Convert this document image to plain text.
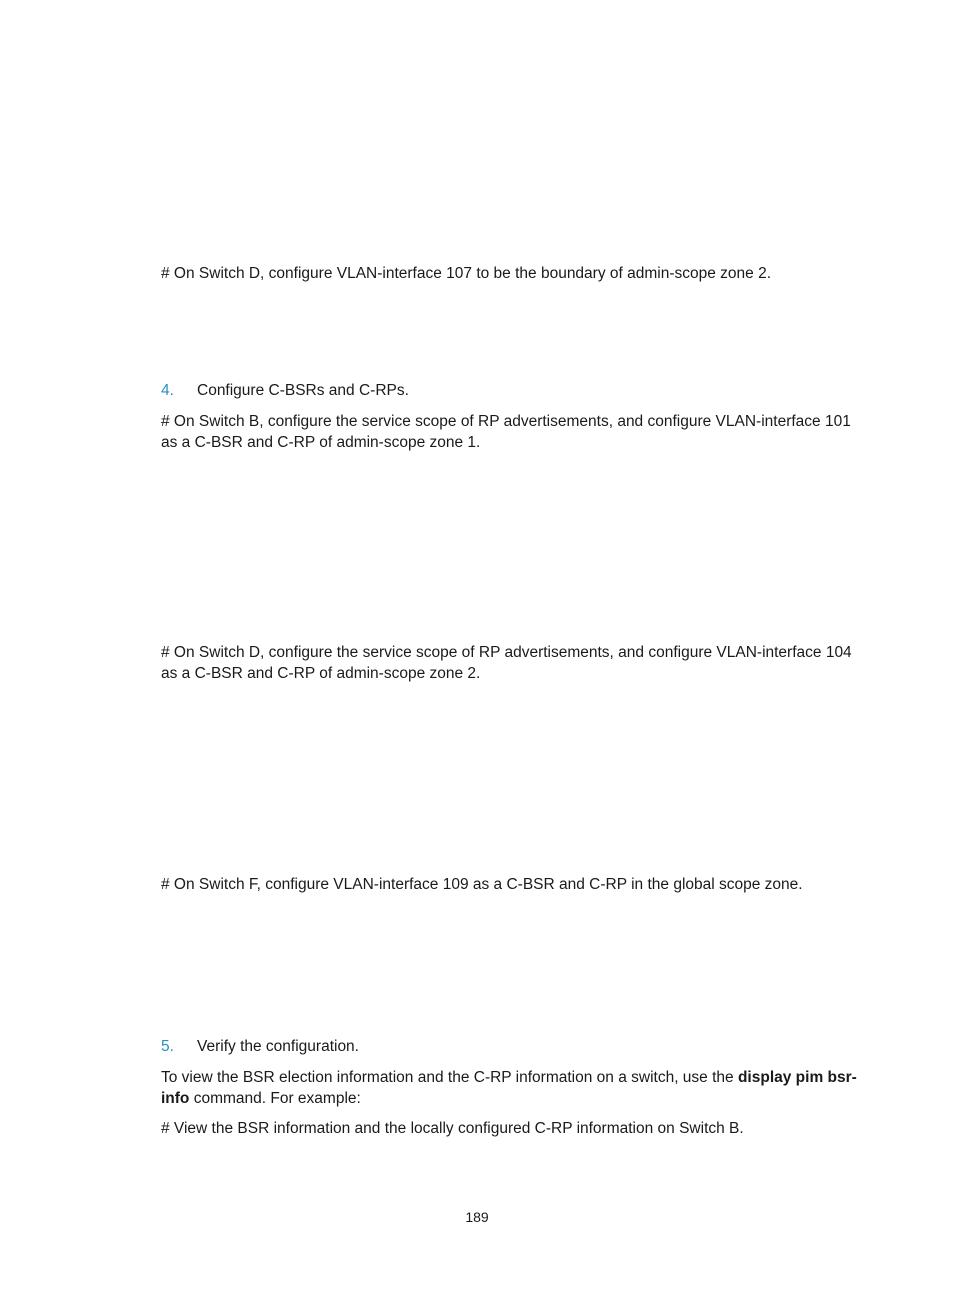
# On Switch D, configure VLAN-interface 107 to be the boundary of admin-scope zone 2.

4. Configure C-BSRs and C-RPs.

# On Switch B, configure the service scope of RP advertisements, and configure VLAN-interface 101 as a C-BSR and C-RP of admin-scope zone 1.

# On Switch D, configure the service scope of RP advertisements, and configure VLAN-interface 104 as a C-BSR and C-RP of admin-scope zone 2.

# On Switch F, configure VLAN-interface 109 as a C-BSR and C-RP in the global scope zone.

5. Verify the configuration.

To view the BSR election information and the C-RP information on a switch, use the display pim bsr-info command. For example:

# View the BSR information and the locally configured C-RP information on Switch B.

189
